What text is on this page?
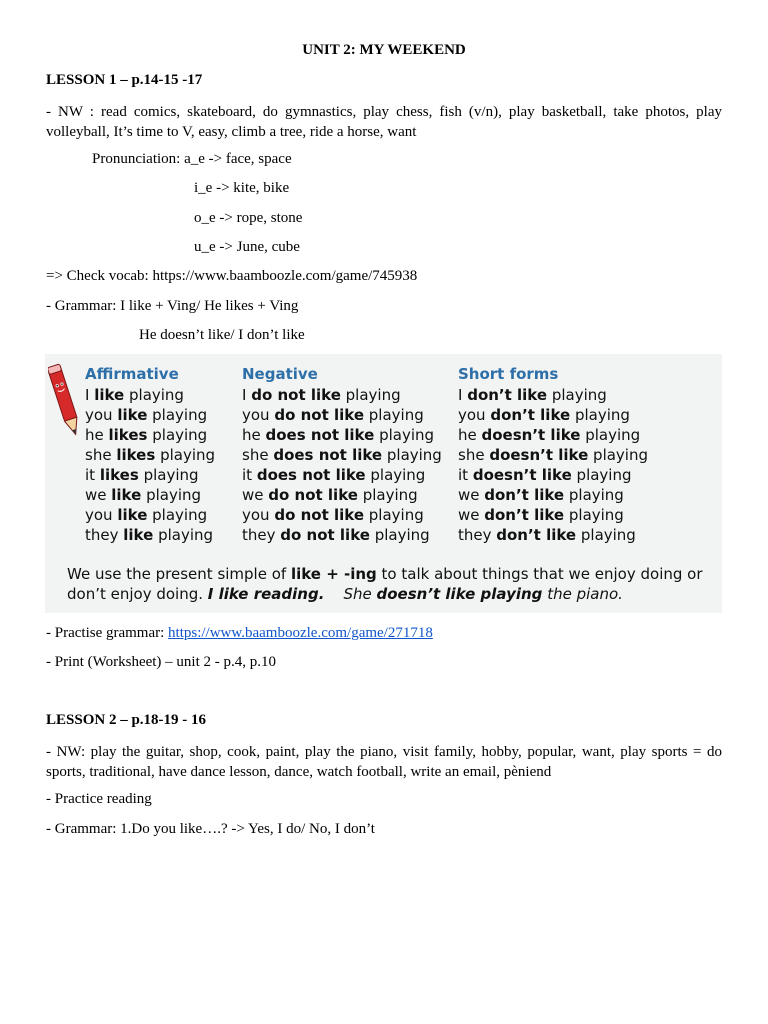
UNIT 2: MY WEEKEND
LESSON 1 – p.14-15 -17
- NW : read comics, skateboard, do gymnastics, play chess, fish (v/n), play basketball, take photos, play volleyball, It’s time to V, easy, climb a tree, ride a horse, want
Pronunciation: a_e -> face, space
i_e -> kite, bike
o_e -> rope, stone
u_e -> June, cube
=> Check vocab: https://www.baamboozle.com/game/745938
- Grammar: I like + Ving/ He likes + Ving
He doesn’t like/ I don’t like
Affirmative
I like playing
you like playing
he likes playing
she likes playing
it likes playing
we like playing
you like playing
they like playing
Negative
I do not like playing
you do not like playing
he does not like playing
she does not like playing
it does not like playing
we do not like playing
you do not like playing
they do not like playing
Short forms
I don’t like playing
you don’t like playing
he doesn’t like playing
she doesn’t like playing
it doesn’t like playing
we don’t like playing
we don’t like playing
they don’t like playing
We use the present simple of like + -ing to talk about things that we enjoy doing or don’t enjoy doing. I like reading. She doesn’t like playing the piano.
- Practise grammar: https://www.baamboozle.com/game/271718
- Print (Worksheet) – unit 2 - p.4, p.10
LESSON 2 – p.18-19 - 16
- NW: play the guitar, shop, cook, paint, play the piano, visit family, hobby, popular, want, play sports = do sports, traditional, have dance lesson, dance, watch football, write an email, pèniend
- Practice reading
- Grammar: 1.Do you like….? -> Yes, I do/ No, I don’t
